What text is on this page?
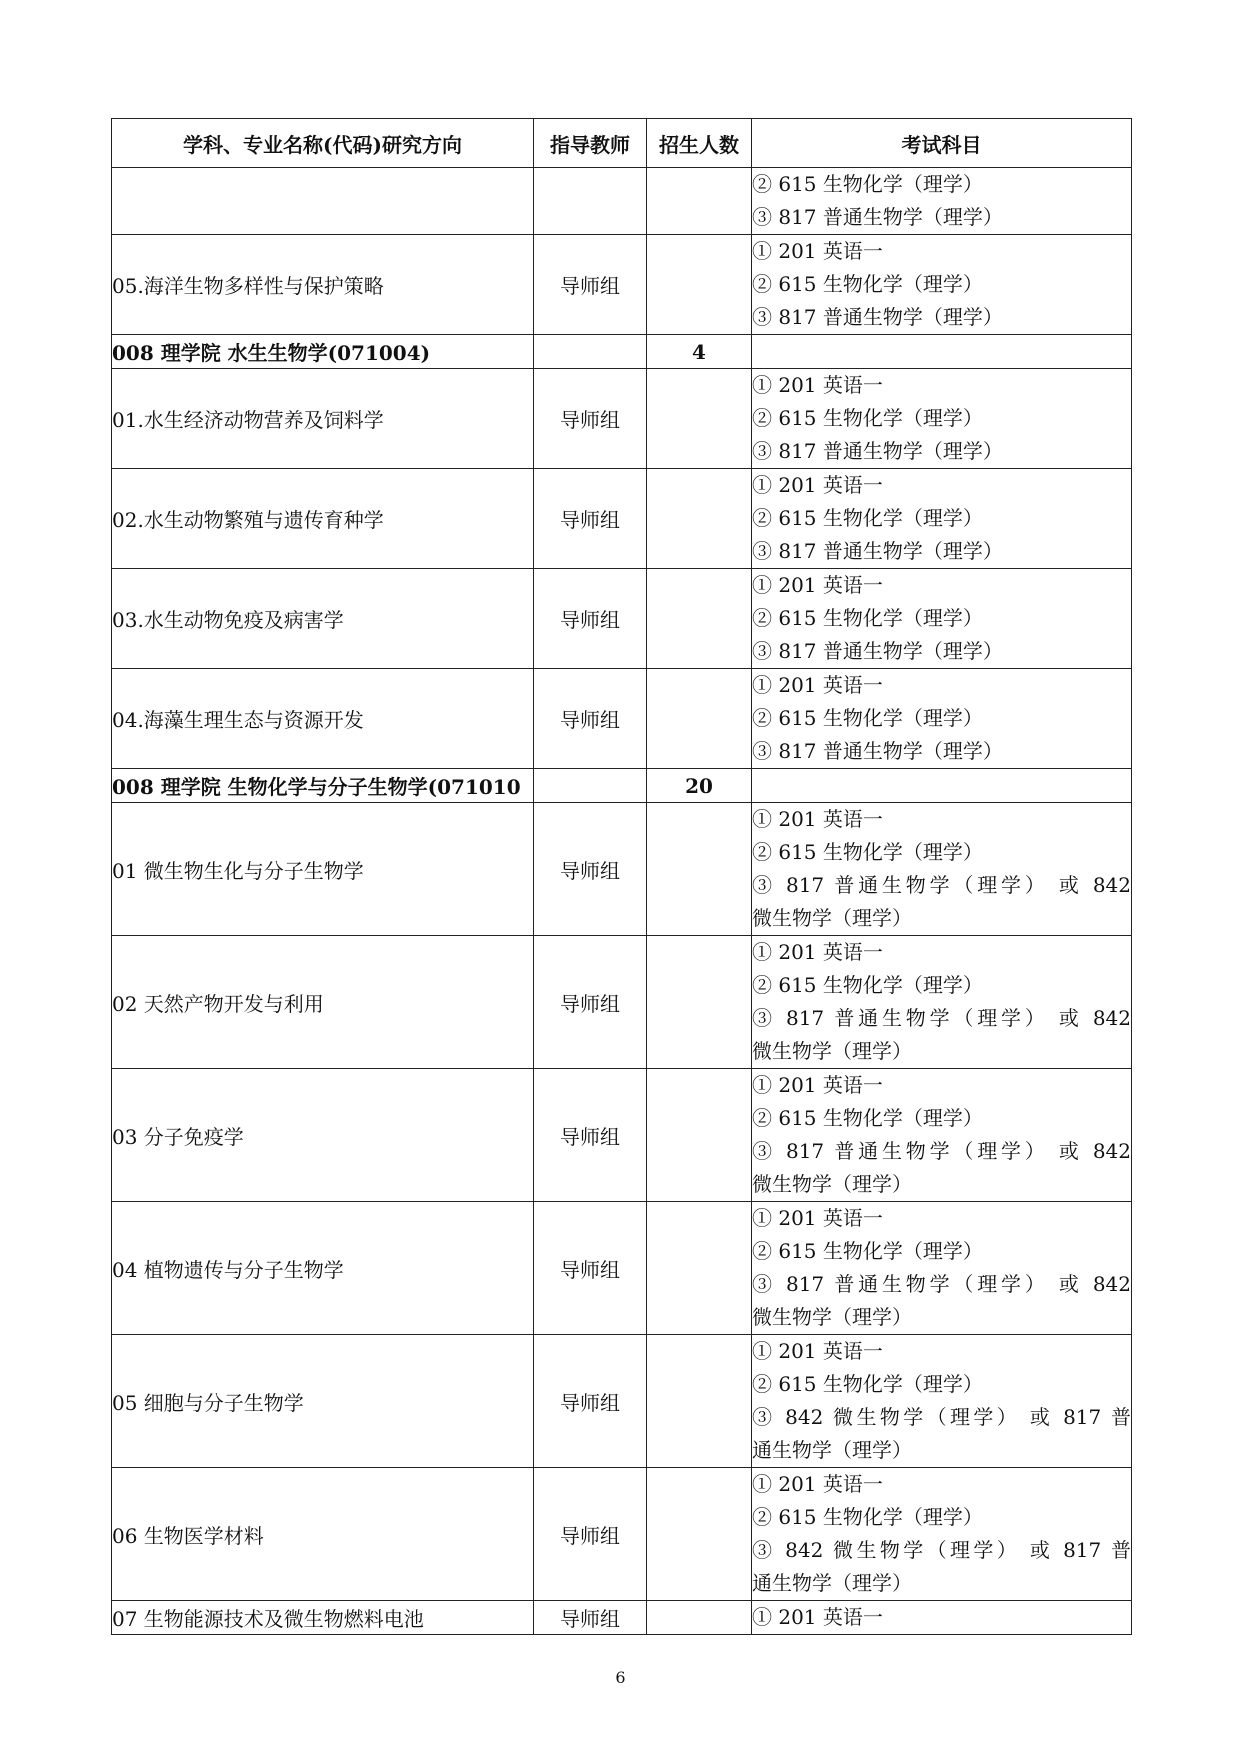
学科、专业名称(代码)研究方向	指导教师	招生人数	考试科目

			② 615 生物化学（理学）
③ 817 普通生物学（理学）

05.海洋生物多样性与保护策略	导师组		① 201 英语一
② 615 生物化学（理学）
③ 817 普通生物学（理学）

008 理学院 水生生物学(071004)		4	
01.水生经济动物营养及饲料学	导师组		① 201 英语一
② 615 生物化学（理学）
③ 817 普通生物学（理学）

02.水生动物繁殖与遗传育种学	导师组		① 201 英语一
② 615 生物化学（理学）
③ 817 普通生物学（理学）

03.水生动物免疫及病害学	导师组		① 201 英语一
② 615 生物化学（理学）
③ 817 普通生物学（理学）

04.海藻生理生态与资源开发	导师组		① 201 英语一
② 615 生物化学（理学）
③ 817 普通生物学（理学）

008 理学院 生物化学与分子生物学(071010		20	
01 微生物生化与分子生物学	导师组		① 201 英语一
② 615 生物化学（理学）
③ 817 普通生物学（理学） 或 842
微生物学（理学）

02 天然产物开发与利用	导师组		① 201 英语一
② 615 生物化学（理学）
③ 817 普通生物学（理学） 或 842
微生物学（理学）

03 分子免疫学	导师组		① 201 英语一
② 615 生物化学（理学）
③ 817 普通生物学（理学） 或 842
微生物学（理学）

04 植物遗传与分子生物学	导师组		① 201 英语一
② 615 生物化学（理学）
③ 817 普通生物学（理学） 或 842
微生物学（理学）

05 细胞与分子生物学	导师组		① 201 英语一
② 615 生物化学（理学）
③ 842 微生物学（理学） 或 817 普
通生物学（理学）

06 生物医学材料	导师组		① 201 英语一
② 615 生物化学（理学）
③ 842 微生物学（理学） 或 817 普
通生物学（理学）

07 生物能源技术及微生物燃料电池	导师组		① 201 英语一
6
